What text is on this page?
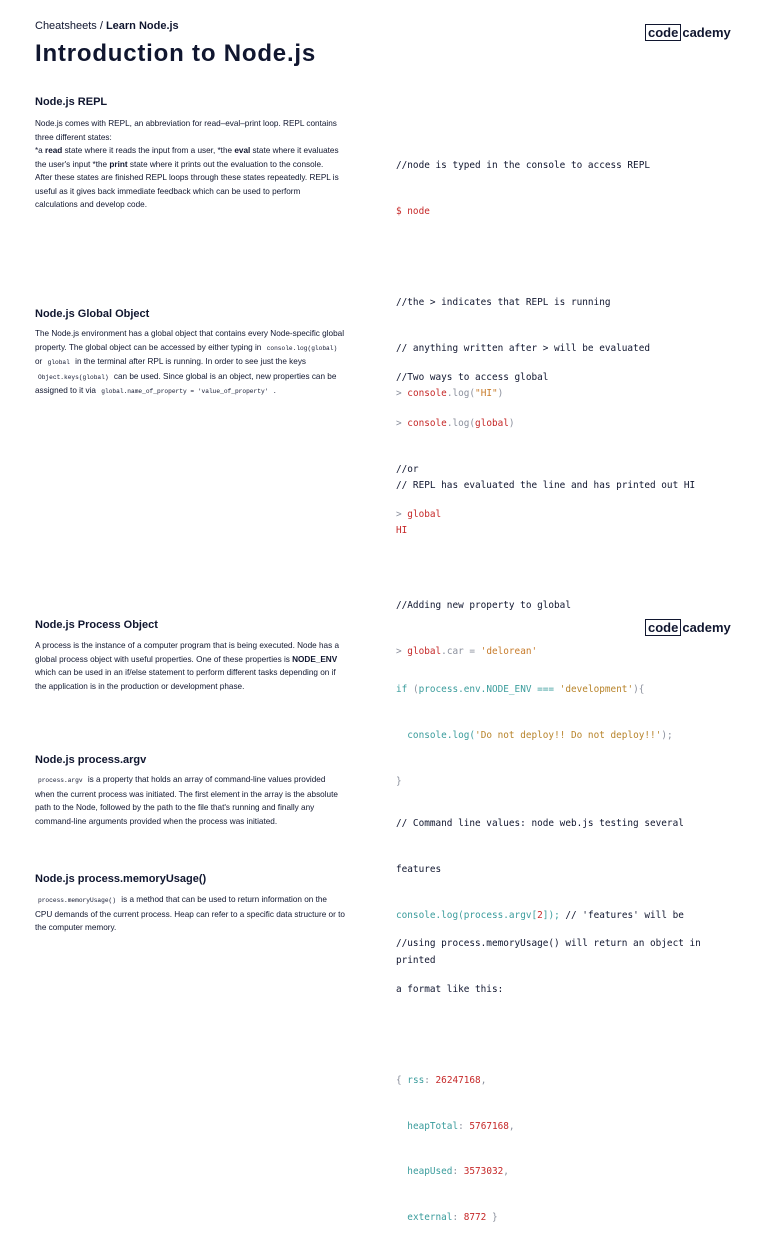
Cheatsheets / Learn Node.js
Introduction to Node.js
code cademy
Node.js REPL

Node.js comes with REPL, an abbreviation for read–eval–print loop. REPL contains three different states:

*a read state where it reads the input from a user, *the eval state where it evaluates the user's input *the print state where it prints out the evaluation to the console.

After these states are finished REPL loops through these states repeatedly. REPL is useful as it gives back immediate feedback which can be used to perform calculations and develop code.

//node is typed in the console to access REPL

$ node

//the > indicates that REPL is running

// anything written after > will be evaluated

> console.log("HI")

// REPL has evaluated the line and has printed out HI

HI

Node.js Global Object

The Node.js environment has a global object that contains every Node-specific global property. The global object can be accessed by either typing in console.log(global) or global in the terminal after RPL is running. In order to see just the keys Object.keys(global) can be used. Since global is an object, new properties can be assigned to it via global.name_of_property = 'value_of_property' .

//Two ways to access global

> console.log(global)

//or

> global

//Adding new property to global

> global.car = 'delorean'

code cademy
Node.js Process Object

A process is the instance of a computer program that is being executed. Node has a global process object with useful properties. One of these properties is NODE_ENV which can be used in an if/else statement to perform different tasks depending on if the application is in the production or development phase.

	if (process.env.NODE_ENV === 'development'){

console.log('Do not deploy!! Do not deploy!!');

}

Node.js process.argv

process.argv is a property that holds an array of command-line values provided when the current process was initiated. The first element in the array is the absolute path to the Node, followed by the path to the file that's running and finally any command-line arguments provided when the process was initiated.

	// Command line values: node web.js testing several

features

console.log(process.argv[2]); // 'features' will be

printed

Node.js process.memoryUsage()

process.memoryUsage() is a method that can be used to return information on the CPU demands of the current process. Heap can refer to a specific data structure or to the computer memory.

//using process.memoryUsage() will return an object in

a format like this:

{ rss: 26247168,

heapTotal: 5767168,

heapUsed: 3573032,

external: 8772 }
